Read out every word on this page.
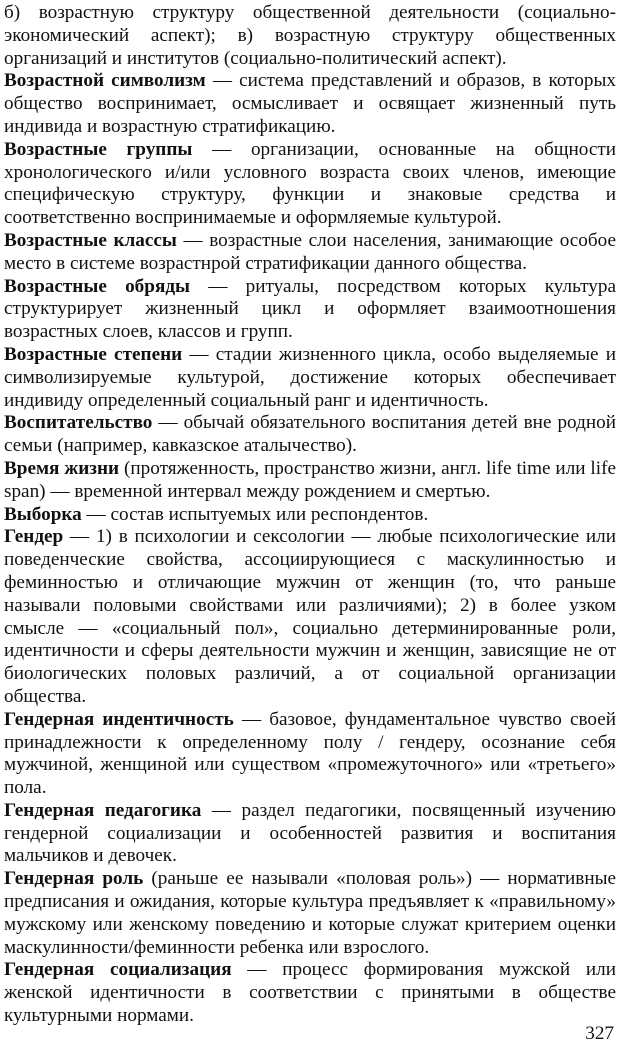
б) возрастную структуру общественной деятельности (социально-экономический аспект); в) возрастную структуру общественных организаций и институтов (социально-политический аспект).

Возрастной символизм — система представлений и образов, в которых общество воспринимает, осмысливает и освящает жизненный путь индивида и возрастную стратификацию.

Возрастные группы — организации, основанные на общности хронологического и/или условного возраста своих членов, имеющие специфическую структуру, функции и знаковые средства и соответственно воспринимаемые и оформляемые культурой.

Возрастные классы — возрастные слои населения, занимающие особое место в системе возрастнрой стратификации данного общества.

Возрастные обряды — ритуалы, посредством которых культура структурирует жизненный цикл и оформляет взаимоотношения возрастных слоев, классов и групп.

Возрастные степени — стадии жизненного цикла, особо выделяемые и символизируемые культурой, достижение которых обеспечивает индивиду определенный социальный ранг и идентичность.

Воспитательство — обычай обязательного воспитания детей вне родной семьи (например, кавказское аталычество).

Время жизни (протяженность, пространство жизни, англ. life time или life span) — временной интервал между рождением и смертью.

Выборка — состав испытуемых или респондентов.

Гендер — 1) в психологии и сексологии — любые психологические или поведенческие свойства, ассоциирующиеся с маскулинностью и феминностью и отличающие мужчин от женщин (то, что раньше называли половыми свойствами или различиями); 2) в более узком смысле — «социальный пол», социально детерминированные роли, идентичности и сферы деятельности мужчин и женщин, зависящие не от биологических половых различий, а от социальной организации общества.

Гендерная индентичность — базовое, фундаментальное чувство своей принадлежности к определенному полу / гендеру, осознание себя мужчиной, женщиной или существом «промежуточного» или «третьего» пола.

Гендерная педагогика — раздел педагогики, посвященный изучению гендерной социализации и особенностей развития и воспитания мальчиков и девочек.

Гендерная роль (раньше ее называли «половая роль») — нормативные предписания и ожидания, которые культура предъявляет к «правильному» мужскому или женскому поведению и которые служат критерием оценки маскулинности/феминности ребенка или взрослого.

Гендерная социализация — процесс формирования мужской или женской идентичности в соответствии с принятыми в обществе культурными нормами.

327
